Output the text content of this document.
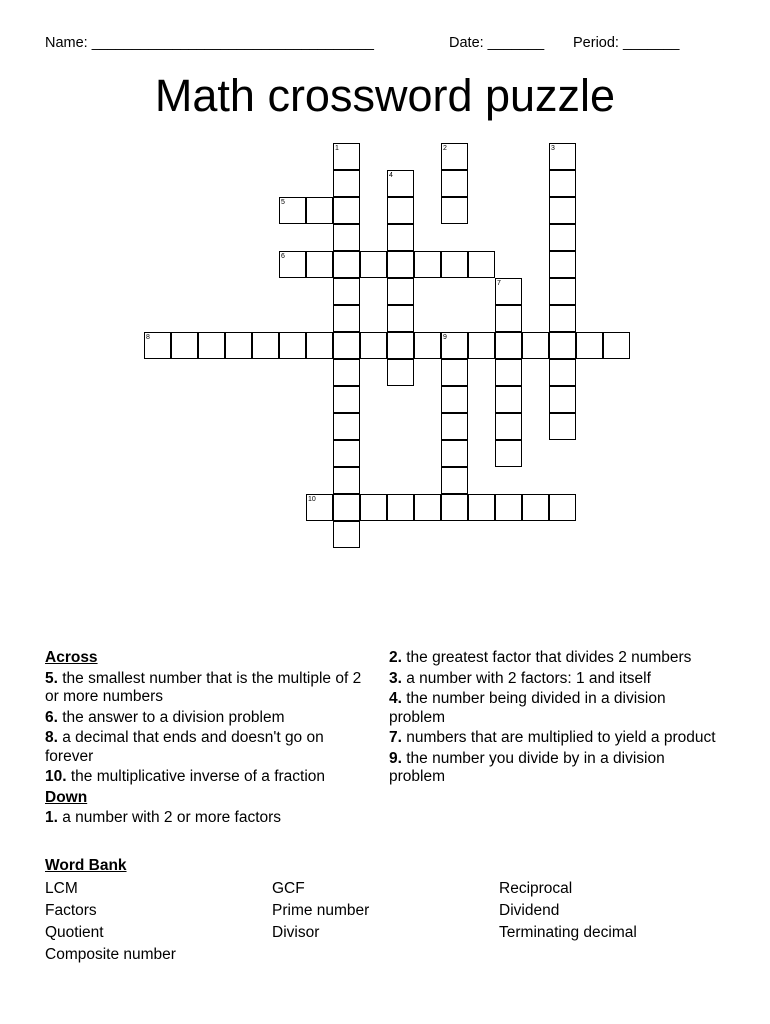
Name: ___________________________________	Date: _______ Period: _______
Math crossword puzzle
1	2	3
4
5
6
7
8	9
10
Across
5. the smallest number that is the multiple of 2 or more numbers
6. the answer to a division problem
8. a decimal that ends and doesn't go on forever
10. the multiplicative inverse of a fraction
Down
1. a number with 2 or more factors
2. the greatest factor that divides 2 numbers
3. a number with 2 factors: 1 and itself
4. the number being divided in a division problem
7. numbers that are multiplied to yield a product
9. the number you divide by in a division problem
Word Bank
LCM	GCF	Reciprocal
Factors	Prime number	Dividend
Quotient	Divisor	Terminating decimal
Composite number
